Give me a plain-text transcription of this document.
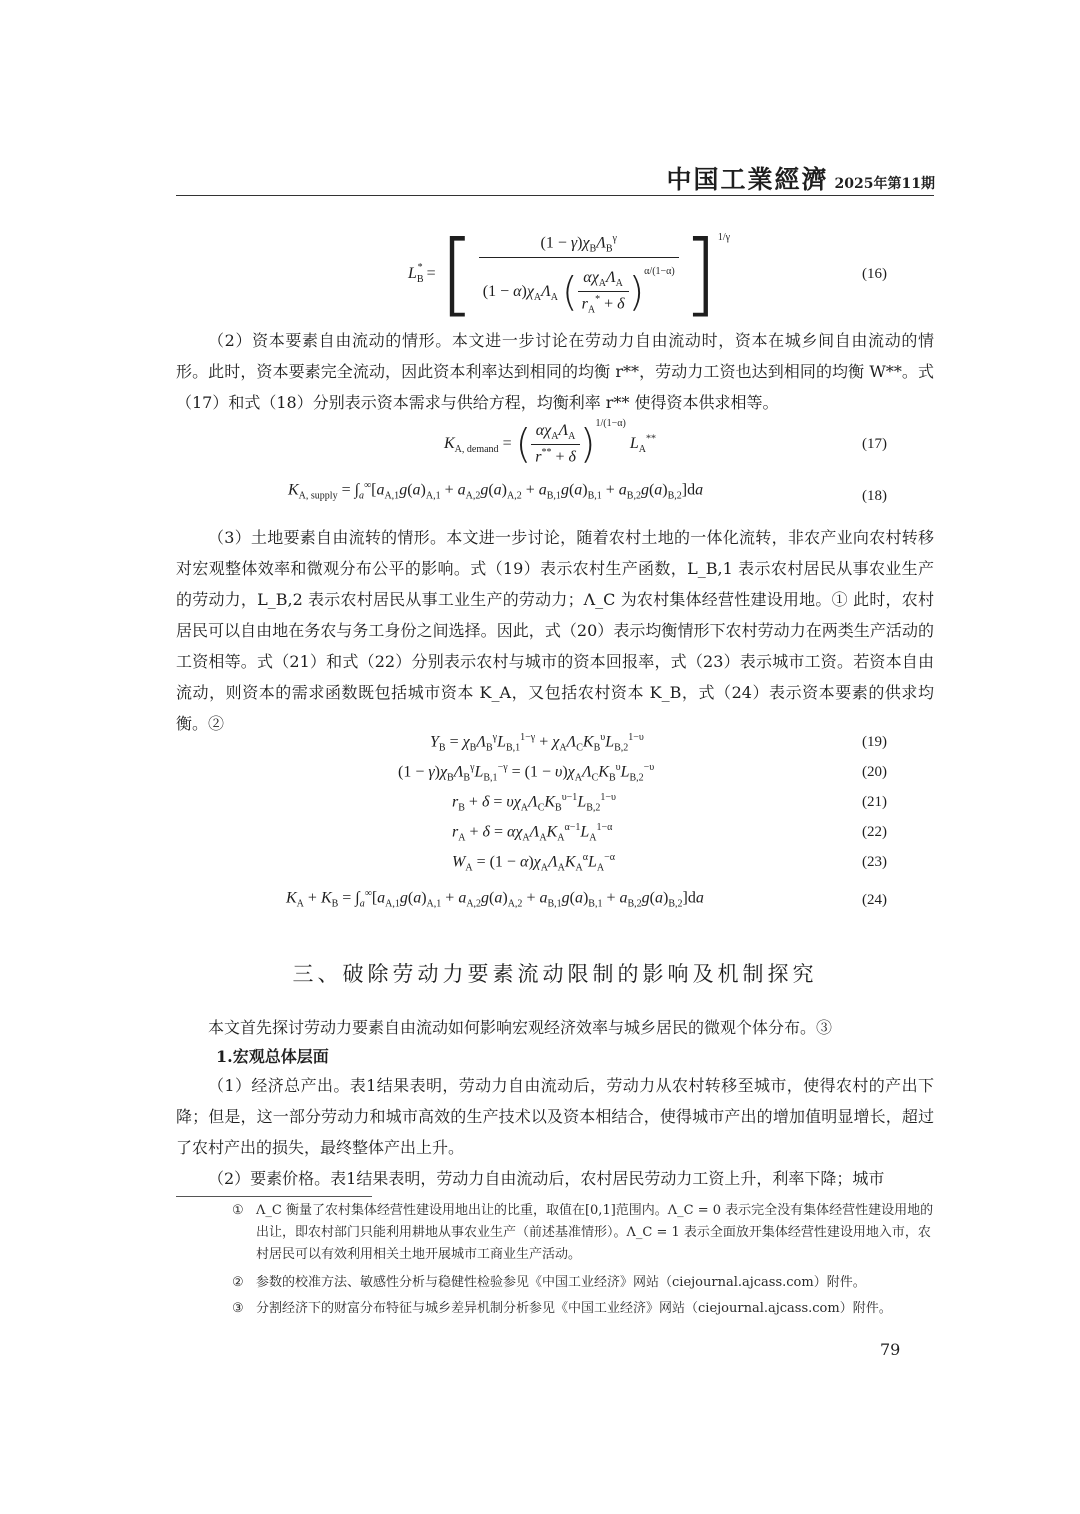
中国工業經濟 2025年第11期
$L_B^*$ = [ $\frac{(1 - \gamma)\chi_B\Lambda_B^\gamma}{(1 - \alpha)\chi_A\Lambda_A ( \frac{\alpha\chi_A\Lambda_A}{r_A^* + \delta} )^{\alpha/(1-\alpha)}} ]^{1/\gamma}$
(16)

（2）资本要素自由流动的情形。本文进一步讨论在劳动力自由流动时，资本在城乡间自由流动的情形。此时，资本要素完全流动，因此资本利率达到相同的均衡 r**，劳动力工资也达到相同的均衡 W**。式（17）和式（18）分别表示资本需求与供给方程，均衡利率 r** 使得资本供求相等。

$K_{A, demand}$ = ( $\frac{\alpha\chi_A\Lambda_A}{r^{**} + \delta} )^{1/(1-\alpha)}$ $L_A^{**}$	(17)
$K_{A, supply} = \int_a^\infty[a_{A,1}g(a)_{A,1} + a_{A,2}g(a)_{A,2} + a_{B,1}g(a)_{B,1} + a_{B,2}g(a)_{B,2}]da$	(18)

（3）土地要素自由流转的情形。本文进一步讨论，随着农村土地的一体化流转，非农产业向农村转移对宏观整体效率和微观分布公平的影响。式（19）表示农村生产函数，L_B,1 表示农村居民从事农业生产的劳动力，L_B,2 表示农村居民从事工业生产的劳动力；Λ_C 为农村集体经营性建设用地。① 此时，农村居民可以自由地在务农与务工身份之间选择。因此，式（20）表示均衡情形下农村劳动力在两类生产活动的工资相等。式（21）和式（22）分别表示农村与城市的资本回报率，式（23）表示城市工资。若资本自由流动，则资本的需求函数既包括城市资本 K_A，又包括农村资本 K_B，式（24）表示资本要素的供求均衡。②

$Y_B = \chi_B\Lambda_B^\gamma L_{B,1}^{1-\gamma} + \chi_A\Lambda_CK_B^\upsilon L_{B,2}^{1-\upsilon}$	(19)
$(1 - \gamma)\chi_B\Lambda_B^\gamma L_{B,1}^{-\gamma} = (1 - \upsilon)\chi_A\Lambda_CK_B^\upsilon L_{B,2}^{-\upsilon}$	(20)
$r_B + \delta = \upsilon\chi_A\Lambda_CK_B^{\upsilon-1}L_{B,2}^{1-\upsilon}$	(21)
$r_A + \delta = \alpha\chi_A\Lambda_AK_A^{\alpha-1}L_A^{1-\alpha}$	(22)
$W_A = (1 - \alpha)\chi_A\Lambda_AK_A^\alpha L_A^{-\alpha}$	(23)
$K_A + K_B = \int_a^\infty[a_{A,1}g(a)_{A,1} + a_{A,2}g(a)_{A,2} + a_{B,1}g(a)_{B,1} + a_{B,2}g(a)_{B,2}]da$	(24)
三、破除劳动力要素流动限制的影响及机制探究

本文首先探讨劳动力要素自由流动如何影响宏观经济效率与城乡居民的微观个体分布。③

1.宏观总体层面

（1）经济总产出。表1结果表明，劳动力自由流动后，劳动力从农村转移至城市，使得农村的产出下降；但是，这一部分劳动力和城市高效的生产技术以及资本相结合，使得城市产出的增加值明显增长，超过了农村产出的损失，最终整体产出上升。

（2）要素价格。表1结果表明，劳动力自由流动后，农村居民劳动力工资上升，利率下降；城市

① Λ_C 衡量了农村集体经营性建设用地出让的比重，取值在[0,1]范围内。Λ_C = 0 表示完全没有集体经营性建设用地的出让，即农村部门只能利用耕地从事农业生产（前述基准情形）。Λ_C = 1 表示全面放开集体经营性建设用地入市，农村居民可以有效利用相关土地开展城市工商业生产活动。
② 参数的校准方法、敏感性分析与稳健性检验参见《中国工业经济》网站（ciejournal.ajcass.com）附件。
③ 分割经济下的财富分布特征与城乡差异机制分析参见《中国工业经济》网站（ciejournal.ajcass.com）附件。
79
